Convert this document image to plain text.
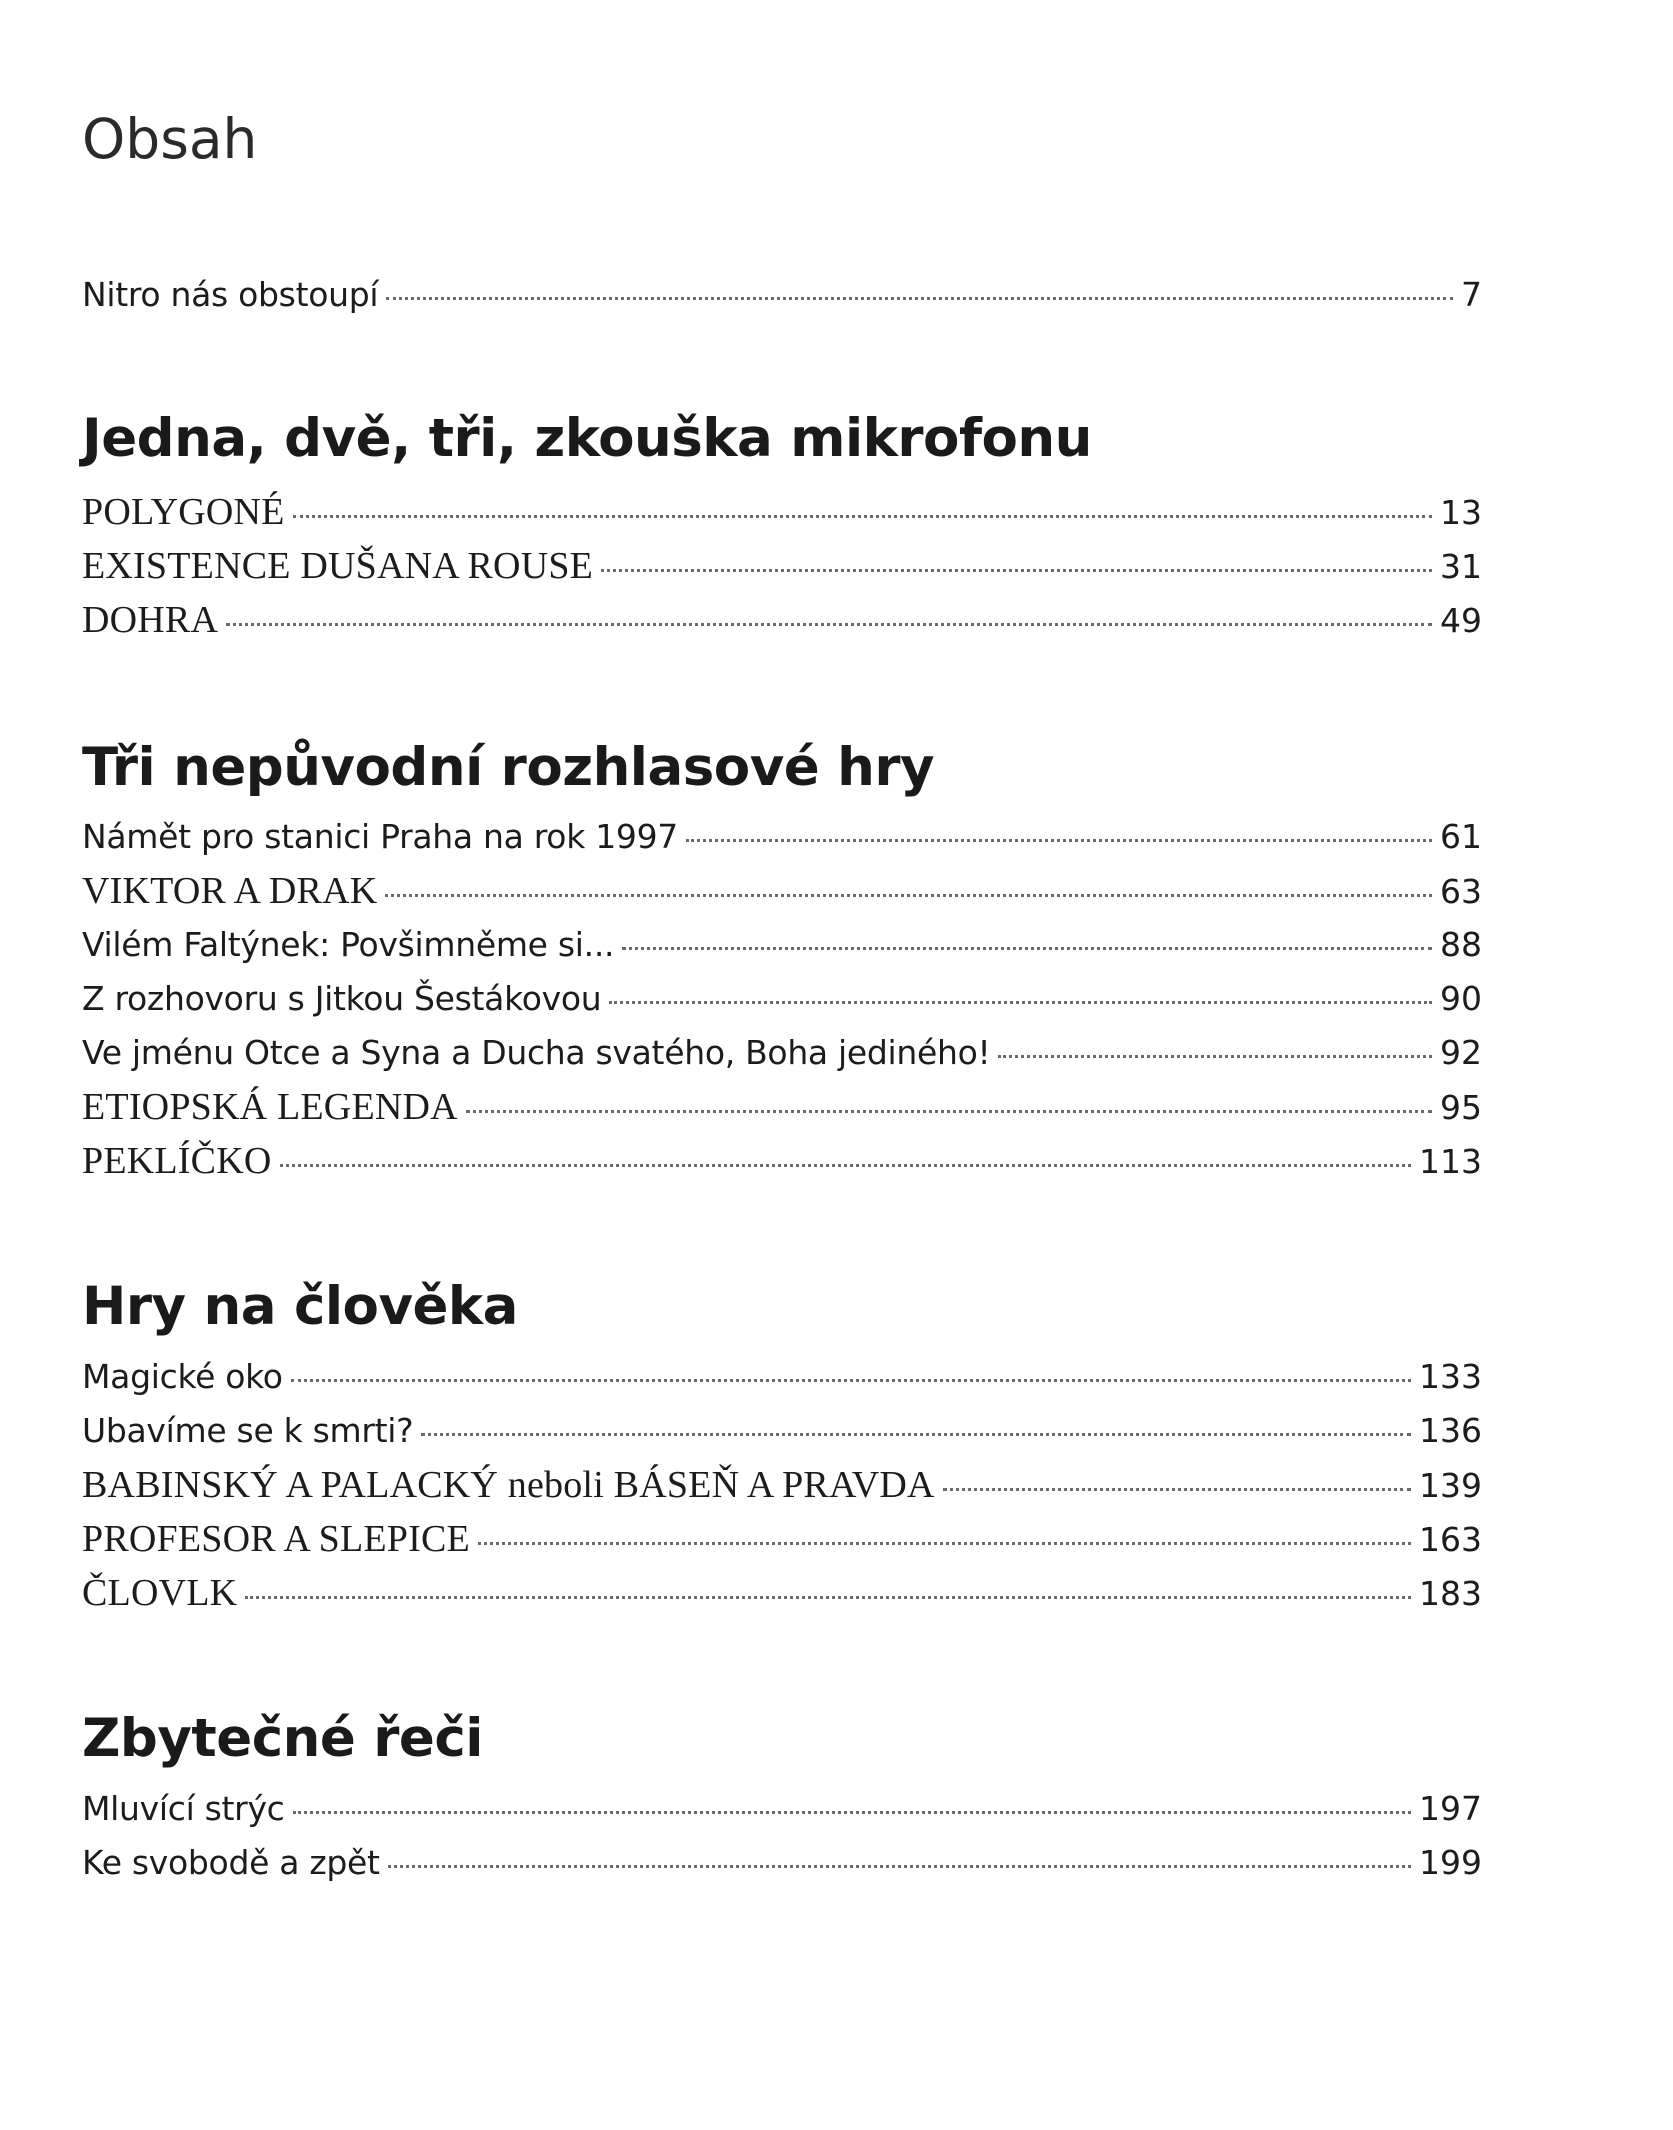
Obsah
Nitro nás obstoupí	7
Jedna, dvě, tři, zkouška mikrofonu
POLYGONÉ	13
EXISTENCE DUŠANA ROUSE	31
DOHRA	49
Tři nepůvodní rozhlasové hry
Námět pro stanici Praha na rok 1997	61
VIKTOR A DRAK	63
Vilém Faltýnek: Povšimněme si...	88
Z rozhovoru s Jitkou Šestákovou	90
Ve jménu Otce a Syna a Ducha svatého, Boha jediného!	92
ETIOPSKÁ LEGENDA	95
PEKLÍČKO	113
Hry na člověka
Magické oko	133
Ubavíme se k smrti?	136
BABINSKÝ A PALACKÝ neboli BÁSEŇ A PRAVDA	139
PROFESOR A SLEPICE	163
ČLOVLK	183
Zbytečné řeči
Mluvící strýc	197
Ke svobodě a zpět	199
